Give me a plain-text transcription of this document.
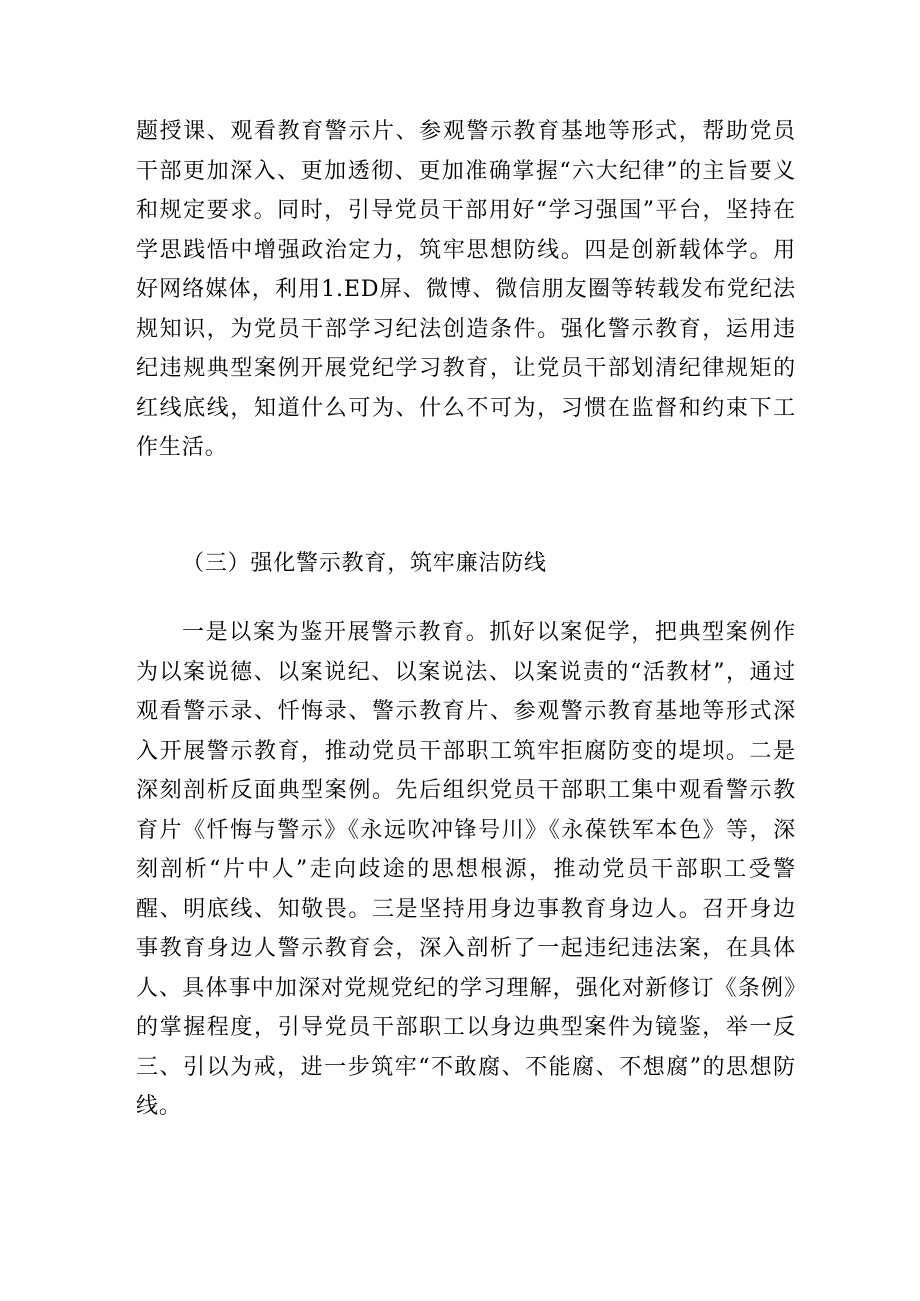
题授课、观看教育警示片、参观警示教育基地等形式，帮助党员干部更加深入、更加透彻、更加准确掌握“六大纪律”的主旨要义和规定要求。同时，引导党员干部用好“学习强国”平台，坚持在学思践悟中增强政治定力，筑牢思想防线。四是创新载体学。用好网络媒体，利用1.ED屏、微博、微信朋友圈等转载发布党纪法规知识，为党员干部学习纪法创造条件。强化警示教育，运用违纪违规典型案例开展党纪学习教育，让党员干部划清纪律规矩的红线底线，知道什么可为、什么不可为，习惯在监督和约束下工作生活。

（三）强化警示教育，筑牢廉洁防线

一是以案为鉴开展警示教育。抓好以案促学，把典型案例作为以案说德、以案说纪、以案说法、以案说责的“活教材”，通过观看警示录、忏悔录、警示教育片、参观警示教育基地等形式深入开展警示教育，推动党员干部职工筑牢拒腐防变的堤坝。二是深刻剖析反面典型案例。先后组织党员干部职工集中观看警示教育片《忏悔与警示》《永远吹冲锋号川》《永葆铁军本色》等，深刻剖析“片中人”走向歧途的思想根源，推动党员干部职工受警醒、明底线、知敬畏。三是坚持用身边事教育身边人。召开身边事教育身边人警示教育会，深入剖析了一起违纪违法案，在具体人、具体事中加深对党规党纪的学习理解，强化对新修订《条例》的掌握程度，引导党员干部职工以身边典型案件为镜鉴，举一反三、引以为戒，进一步筑牢“不敢腐、不能腐、不想腐”的思想防线。
